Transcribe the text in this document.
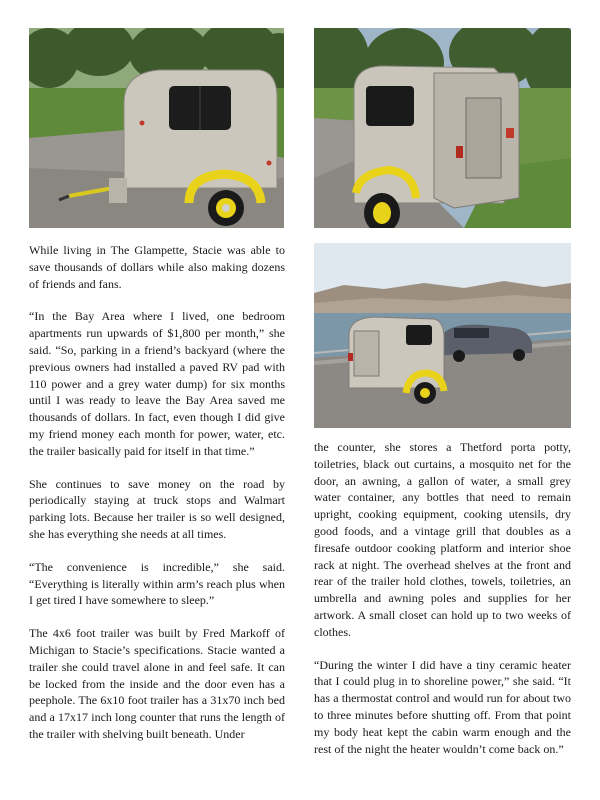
While living in The Glampette, Stacie was able to save thousands of dollars while also making dozens of friends and fans.

“In the Bay Area where I lived, one bedroom apartments run upwards of $1,800 per month,” she said. “So, parking in a friend’s backyard (where the previous owners had installed a paved RV pad with 110 power and a grey water dump) for six months until I was ready to leave the Bay Area saved me thousands of dollars. In fact, even though I did give my friend money each month for power, water, etc. the trailer basically paid for itself in that time.”

She continues to save money on the road by periodically staying at truck stops and Walmart parking lots. Because her trailer is so well designed, she has everything she needs at all times.

“The convenience is incredible,” she said. “Everything is literally within arm’s reach plus when I get tired I have somewhere to sleep.”

The 4x6 foot trailer was built by Fred Markoff of Michigan to Stacie’s specifications. Stacie wanted a trailer she could travel alone in and feel safe. It can be locked from the inside and the door even has a peephole. The 6x10 foot trailer has a 31x70 inch bed and a 17x17 inch long counter that runs the length of the trailer with shelving built beneath. Under

the counter, she stores a Thetford porta potty, toiletries, black out curtains, a mosquito net for the door, an awning, a gallon of water, a small grey water container, any bottles that need to remain upright, cooking equipment, cooking utensils, dry good foods, and a vintage grill that doubles as a firesafe outdoor cooking platform and interior shoe rack at night. The overhead shelves at the front and rear of the trailer hold clothes, towels, toiletries, an umbrella and awning poles and supplies for her artwork. A small closet can hold up to two weeks of clothes.

“During the winter I did have a tiny ceramic heater that I could plug in to shoreline power,” she said. “It has a thermostat control and would run for about two to three minutes before shutting off. From that point my body heat kept the cabin warm enough and the rest of the night the heater wouldn’t come back on.”
